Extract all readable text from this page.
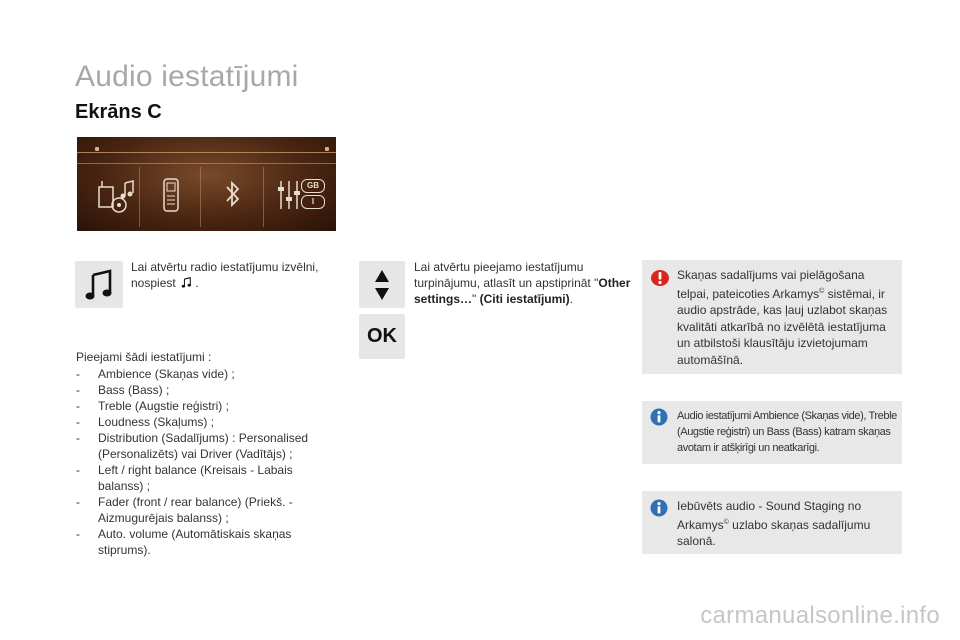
Audio iestatījumi
Ekrāns C
GB
I
Lai atvērtu radio iestatījumu izvēlni, nospiest  .
OK
Lai atvērtu pieejamo iestatījumu turpinājumu, atlasīt un apstiprināt "Other settings…" (Citi iestatījumi).
Pieejami šādi iestatījumi :
- Ambience (Skaņas vide) ;
- Bass (Bass) ;
- Treble (Augstie reģistri) ;
- Loudness (Skaļums) ;
- Distribution (Sadalījums) : Personalised (Personalizēts) vai Driver (Vadītājs) ;
- Left / right balance (Kreisais - Labais balanss) ;
- Fader (front / rear balance) (Priekš. - Aizmugurējais balanss) ;
- Auto. volume (Automātiskais skaņas stiprums).
Skaņas sadalījums vai pielāgošana telpai, pateicoties Arkamys© sistēmai, ir audio apstrāde, kas ļauj uzlabot skaņas kvalitāti atkarībā no izvēlētā iestatījuma un atbilstoši klausītāju izvietojumam automāšīnā.
Audio iestatījumi Ambience (Skaņas vide), Treble (Augstie reģistri) un Bass (Bass) katram skaņas avotam ir atšķirīgi un neatkarīgi.
Iebūvēts audio - Sound Staging no Arkamys© uzlabo skaņas sadalījumu salonā.
carmanualsonline.info
